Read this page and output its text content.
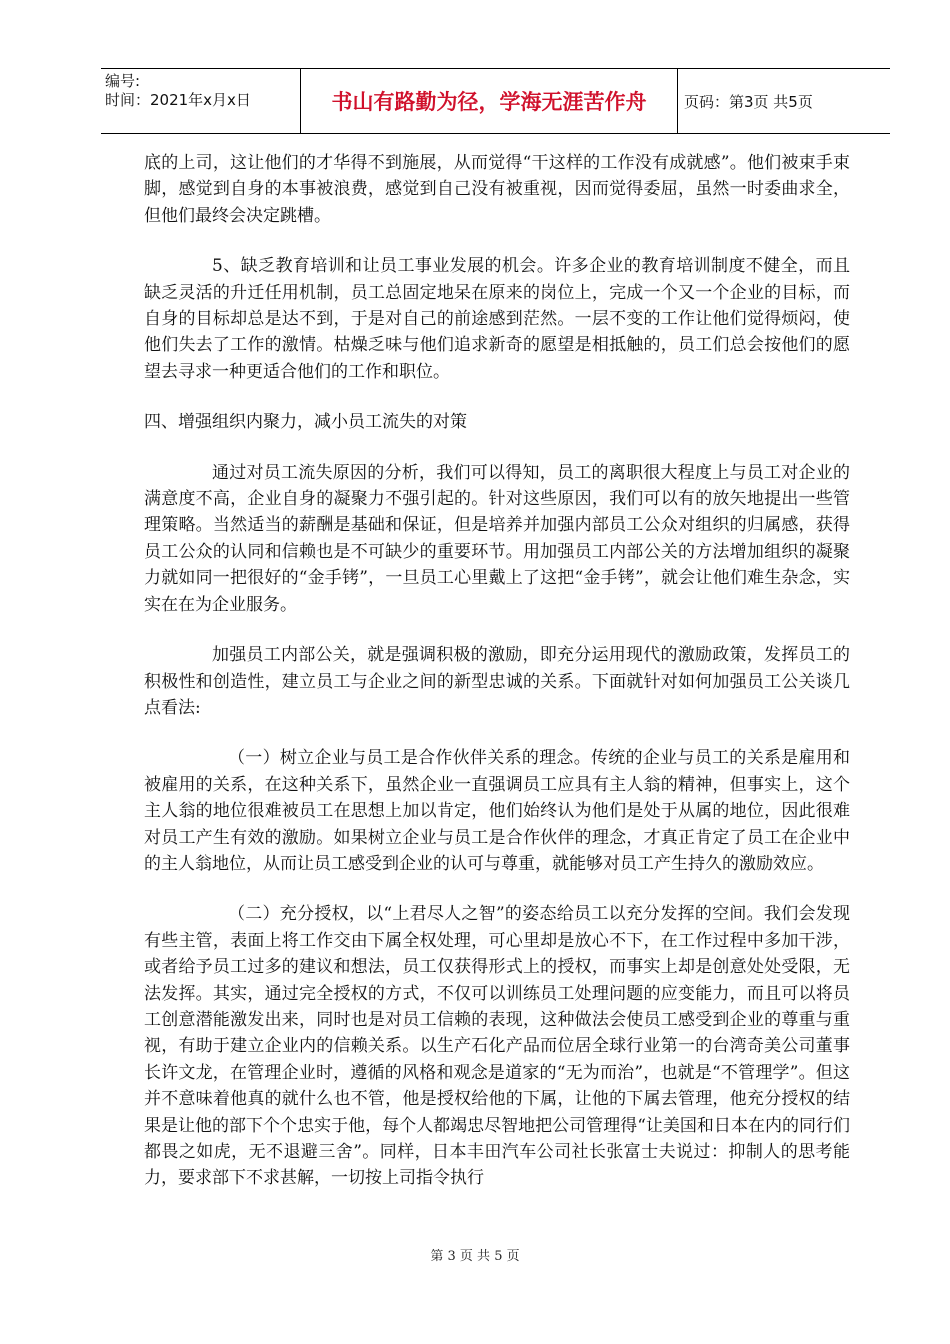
编号:
时间：2021年x月x日	书山有路勤为径，学海无涯苦作舟	页码：第3页 共5页

底的上司，这让他们的才华得不到施展，从而觉得“干这样的工作没有成就感”。他们被束手束脚，感觉到自身的本事被浪费，感觉到自己没有被重视，因而觉得委屈，虽然一时委曲求全，但他们最终会决定跳槽。

5、缺乏教育培训和让员工事业发展的机会。许多企业的教育培训制度不健全，而且缺乏灵活的升迁任用机制，员工总固定地呆在原来的岗位上，完成一个又一个企业的目标，而自身的目标却总是达不到，于是对自己的前途感到茫然。一层不变的工作让他们觉得烦闷，使他们失去了工作的激情。枯燥乏味与他们追求新奇的愿望是相抵触的，员工们总会按他们的愿望去寻求一种更适合他们的工作和职位。

四、增强组织内聚力，减小员工流失的对策

通过对员工流失原因的分析，我们可以得知，员工的离职很大程度上与员工对企业的满意度不高，企业自身的凝聚力不强引起的。针对这些原因，我们可以有的放矢地提出一些管理策略。当然适当的薪酬是基础和保证，但是培养并加强内部员工公众对组织的归属感，获得员工公众的认同和信赖也是不可缺少的重要环节。用加强员工内部公关的方法增加组织的凝聚力就如同一把很好的“金手铐”，一旦员工心里戴上了这把“金手铐”，就会让他们难生杂念，实实在在为企业服务。

加强员工内部公关，就是强调积极的激励，即充分运用现代的激励政策，发挥员工的积极性和创造性，建立员工与企业之间的新型忠诚的关系。下面就针对如何加强员工公关谈几点看法:

（一）树立企业与员工是合作伙伴关系的理念。传统的企业与员工的关系是雇用和被雇用的关系，在这种关系下，虽然企业一直强调员工应具有主人翁的精神，但事实上，这个主人翁的地位很难被员工在思想上加以肯定，他们始终认为他们是处于从属的地位，因此很难对员工产生有效的激励。如果树立企业与员工是合作伙伴的理念，才真正肯定了员工在企业中的主人翁地位，从而让员工感受到企业的认可与尊重，就能够对员工产生持久的激励效应。

（二）充分授权，以“上君尽人之智”的姿态给员工以充分发挥的空间。我们会发现有些主管，表面上将工作交由下属全权处理，可心里却是放心不下，在工作过程中多加干涉，或者给予员工过多的建议和想法，员工仅获得形式上的授权，而事实上却是创意处处受限，无法发挥。其实，通过完全授权的方式，不仅可以训练员工处理问题的应变能力，而且可以将员工创意潜能激发出来，同时也是对员工信赖的表现，这种做法会使员工感受到企业的尊重与重视，有助于建立企业内的信赖关系。以生产石化产品而位居全球行业第一的台湾奇美公司董事长许文龙，在管理企业时，遵循的风格和观念是道家的“无为而治”，也就是“不管理学”。但这并不意味着他真的就什么也不管，他是授权给他的下属，让他的下属去管理，他充分授权的结果是让他的部下个个忠实于他，每个人都竭忠尽智地把公司管理得“让美国和日本在内的同行们都畏之如虎，无不退避三舍”。同样，日本丰田汽车公司社长张富士夫说过：抑制人的思考能力，要求部下不求甚解，一切按上司指令执行

第 3 页 共 5 页
